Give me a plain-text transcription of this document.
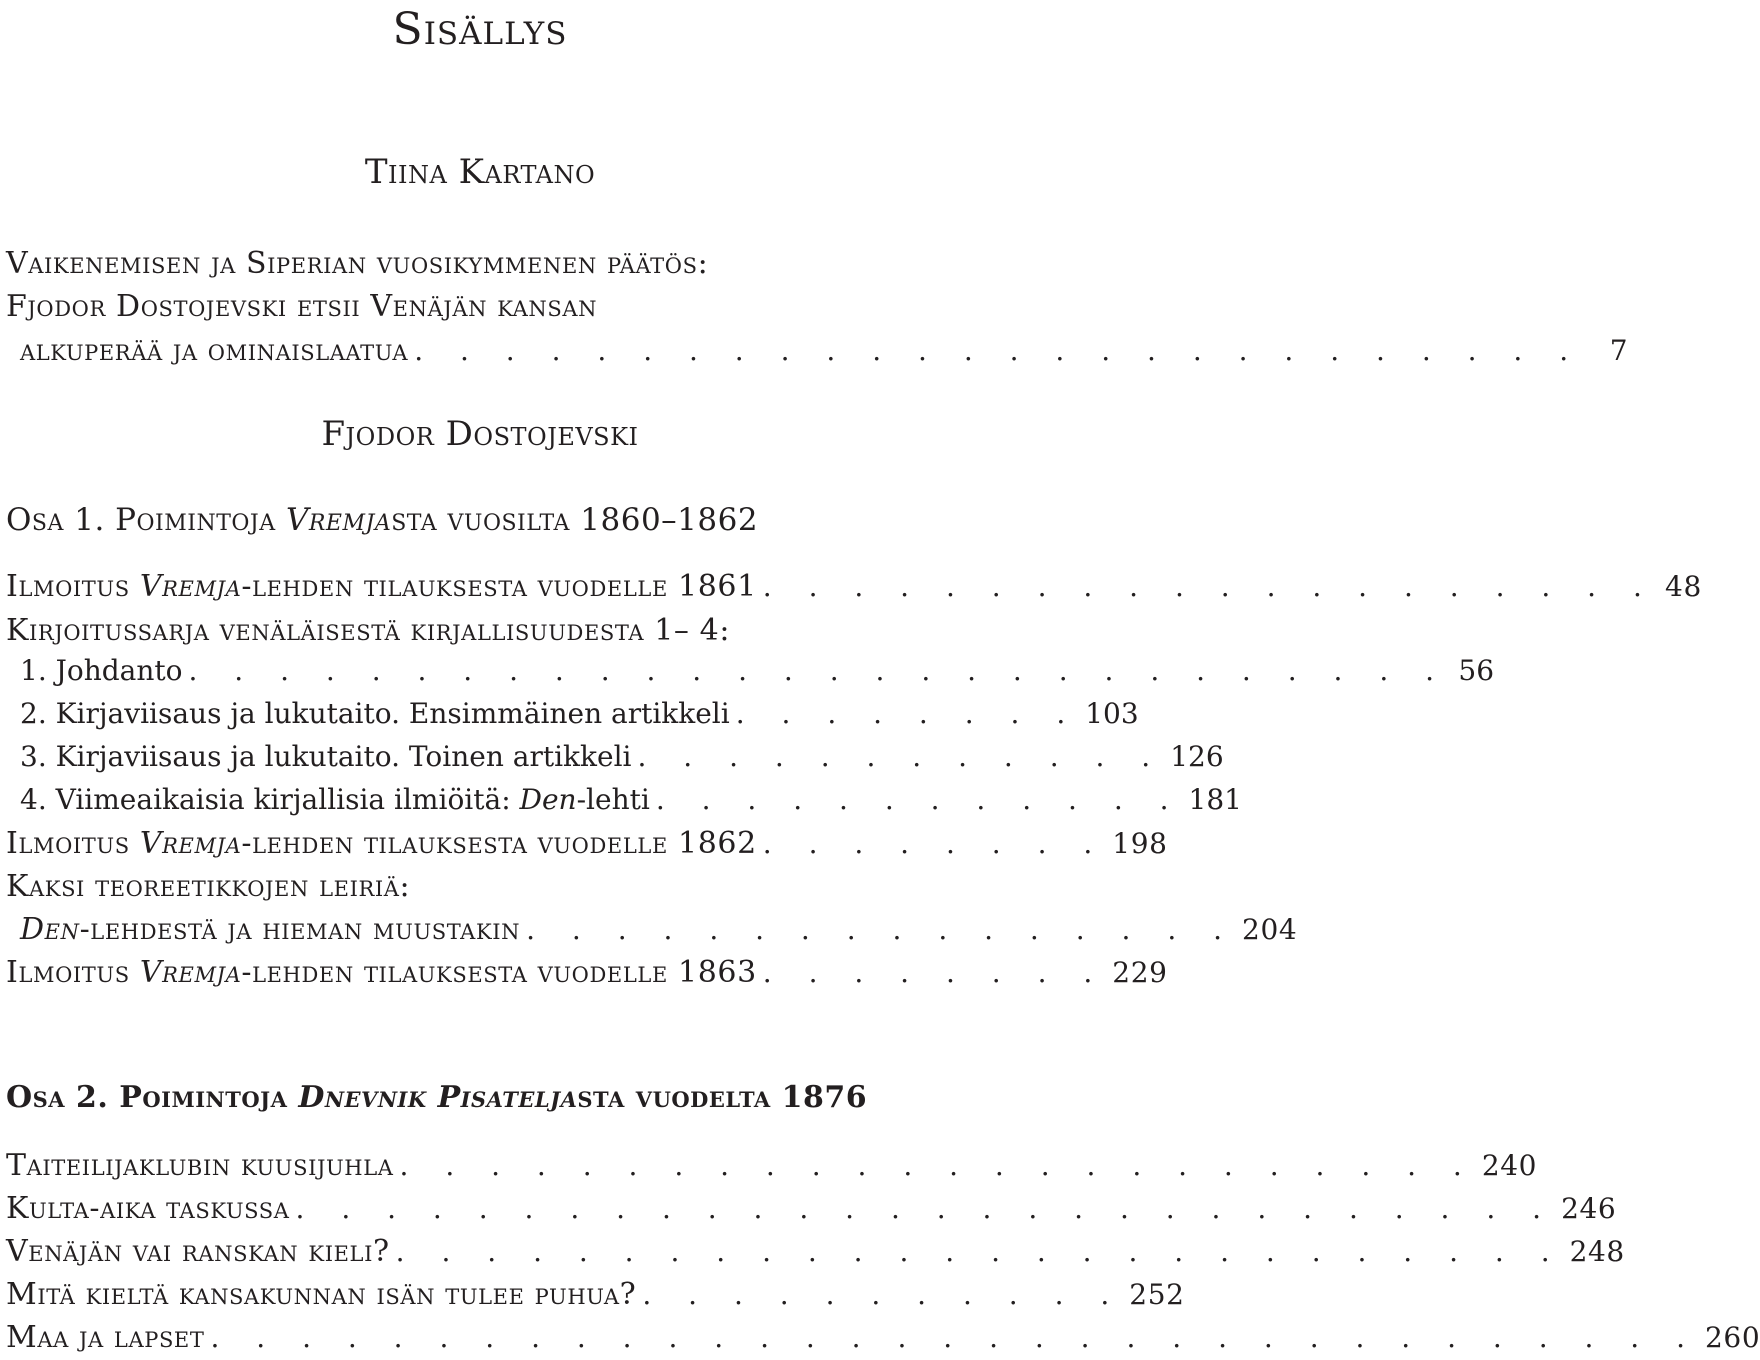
Sisällys
Tiina Kartano
Vaikenemisen ja Siperian vuosikymmenen päätös:
Fjodor Dostojevski etsii Venäjän kansan
alkuperää ja ominaislaatua . . . . . . . . . . . . . . . . . . . . . . . . . . 7
Fjodor Dostojevski
Osa 1. Poimintoja Vremjasta vuosilta 1860–1862
Ilmoitus Vremja-lehden tilauksesta vuodelle 1861 . . . . . . . . . . . . . . . . . . . . 48
Kirjoitussarja venäläisestä kirjallisuudesta 1– 4:
1. Johdanto . . . . . . . . . . . . . . . . . . . . . . . . . . . . 56
2. Kirjaviisaus ja lukutaito. Ensimmäinen artikkeli . . . . . . . . 103
3. Kirjaviisaus ja lukutaito. Toinen artikkeli . . . . . . . . . . . . 126
4. Viimeaikaisia kirjallisia ilmiöitä: Den-lehti . . . . . . . . . . . . 181
Ilmoitus Vremja-lehden tilauksesta vuodelle 1862 . . . . . . . . 198
Kaksi teoreetikkojen leiriä:
Den-lehdestä ja hieman muustakin . . . . . . . . . . . . . . . . 204
Ilmoitus Vremja-lehden tilauksesta vuodelle 1863 . . . . . . . . 229
Osa 2. Poimintoja Dnevnik Pisateljasta vuodelta 1876
Taiteilijaklubin kuusijuhla . . . . . . . . . . . . . . . . . . . . . . . . 240
Kulta-aika taskussa . . . . . . . . . . . . . . . . . . . . . . . . . . . . 246
Venäjän vai ranskan kieli? . . . . . . . . . . . . . . . . . . . . . . . . . . 248
Mitä kieltä kansakunnan isän tulee puhua? . . . . . . . . . . . 252
Maa ja lapset . . . . . . . . . . . . . . . . . . . . . . . . . . . . . . . . . 260
